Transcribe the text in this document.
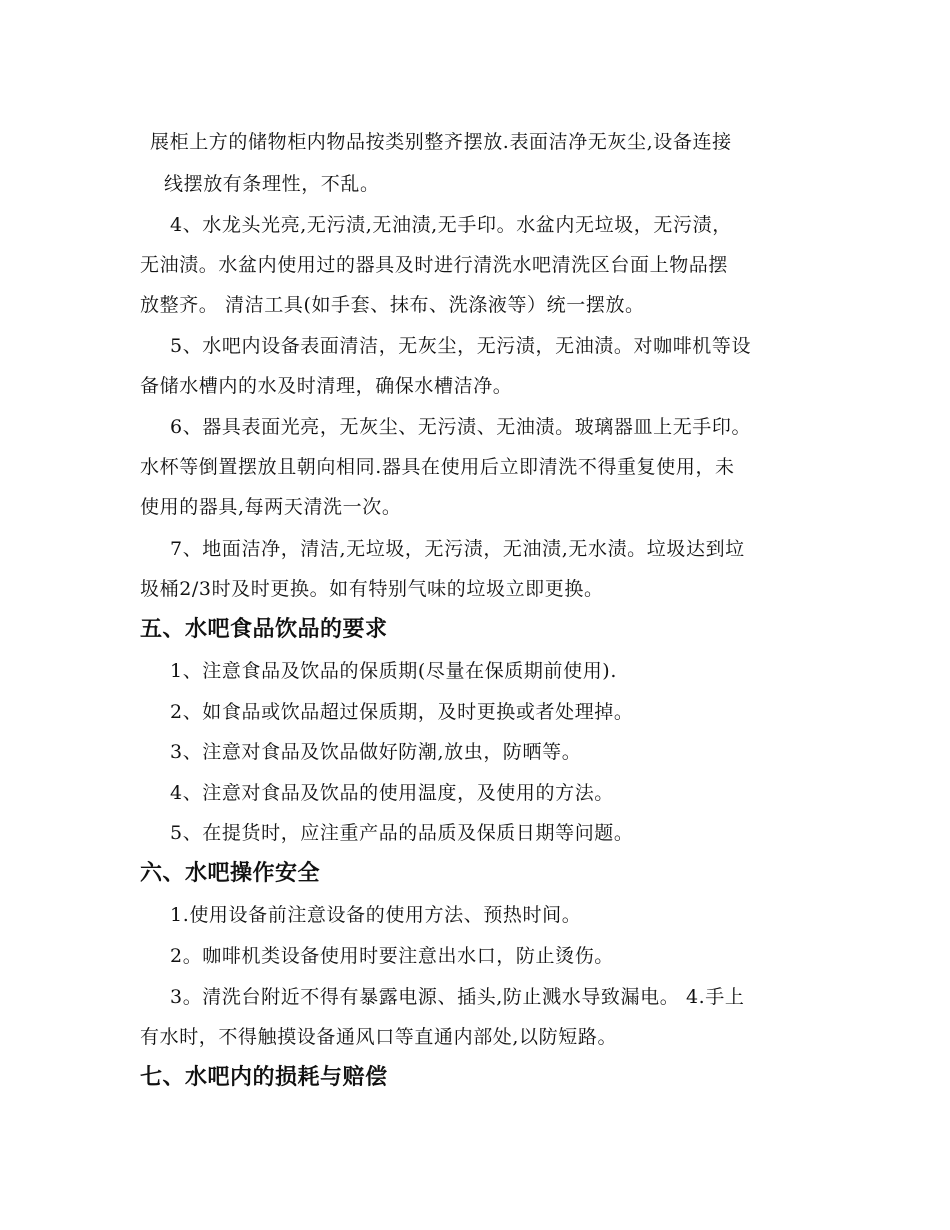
展柜上方的储物柜内物品按类别整齐摆放.表面洁净无灰尘,设备连接
线摆放有条理性，不乱。
4、水龙头光亮,无污渍,无油渍,无手印。水盆内无垃圾，无污渍，
无油渍。水盆内使用过的器具及时进行清洗水吧清洗区台面上物品摆
放整齐。 清洁工具(如手套、抹布、洗涤液等）统一摆放。
5、水吧内设备表面清洁，无灰尘，无污渍，无油渍。对咖啡机等设
备储水槽内的水及时清理，确保水槽洁净。
6、器具表面光亮，无灰尘、无污渍、无油渍。玻璃器皿上无手印。
水杯等倒置摆放且朝向相同.器具在使用后立即清洗不得重复使用，未
使用的器具,每两天清洗一次。
7、地面洁净，清洁,无垃圾，无污渍，无油渍,无水渍。垃圾达到垃
圾桶2/3时及时更换。如有特别气味的垃圾立即更换。
五、水吧食品饮品的要求
1、注意食品及饮品的保质期(尽量在保质期前使用).
2、如食品或饮品超过保质期，及时更换或者处理掉。
3、注意对食品及饮品做好防潮,放虫，防晒等。
4、注意对食品及饮品的使用温度，及使用的方法。
5、在提货时，应注重产品的品质及保质日期等问题。
六、水吧操作安全
1.使用设备前注意设备的使用方法、预热时间。
2。咖啡机类设备使用时要注意出水口，防止烫伤。
3。清洗台附近不得有暴露电源、插头,防止溅水导致漏电。 4.手上
有水时，不得触摸设备通风口等直通内部处,以防短路。
七、水吧内的损耗与赔偿
